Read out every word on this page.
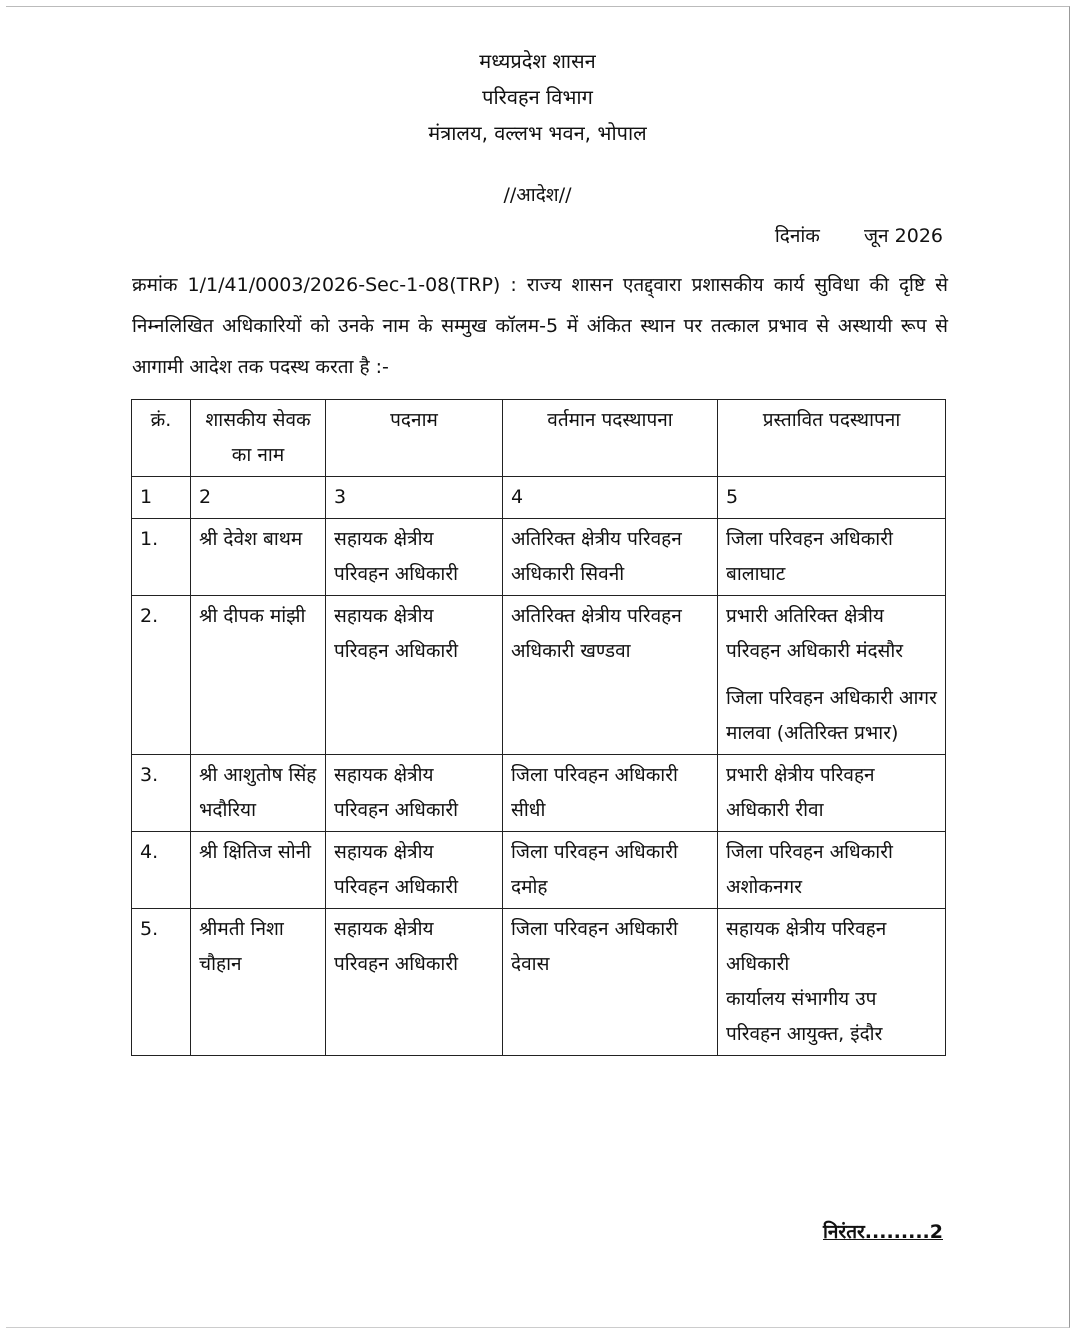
मध्यप्रदेश शासन
परिवहन विभाग
मंत्रालय, वल्लभ भवन, भोपाल
//आदेश//
दिनांक जून 2026
क्रमांक 1/1/41/0003/2026-Sec-1-08(TRP) : राज्य शासन एतद्द्वारा प्रशासकीय कार्य सुविधा की दृष्टि से निम्नलिखित अधिकारियों को उनके नाम के सम्मुख कॉलम-5 में अंकित स्थान पर तत्काल प्रभाव से अस्थायी रूप से आगामी आदेश तक पदस्थ करता है :-
क्रं.	शासकीय सेवक का नाम	पदनाम	वर्तमान पदस्थापना	प्रस्तावित पदस्थापना
1	2	3	4	5
1.	श्री देवेश बाथम	सहायक क्षेत्रीय परिवहन अधिकारी	अतिरिक्त क्षेत्रीय परिवहन अधिकारी सिवनी	जिला परिवहन अधिकारी बालाघाट

2.	श्री दीपक मांझी	सहायक क्षेत्रीय परिवहन अधिकारी	अतिरिक्त क्षेत्रीय परिवहन अधिकारी खण्डवा	प्रभारी अतिरिक्त क्षेत्रीय परिवहन अधिकारी मंदसौर
जिला परिवहन अधिकारी आगर मालवा (अतिरिक्त प्रभार)

3.	श्री आशुतोष सिंह भदौरिया	सहायक क्षेत्रीय परिवहन अधिकारी	जिला परिवहन अधिकारी सीधी	प्रभारी क्षेत्रीय परिवहन अधिकारी रीवा

4.	श्री क्षितिज सोनी	सहायक क्षेत्रीय परिवहन अधिकारी	जिला परिवहन अधिकारी दमोह	जिला परिवहन अधिकारी अशोकनगर

5.	श्रीमती निशा चौहान	सहायक क्षेत्रीय परिवहन अधिकारी	जिला परिवहन अधिकारी देवास	सहायक क्षेत्रीय परिवहन अधिकारी
कार्यालय संभागीय उप परिवहन आयुक्त, इंदौर
निरंतर.........2
